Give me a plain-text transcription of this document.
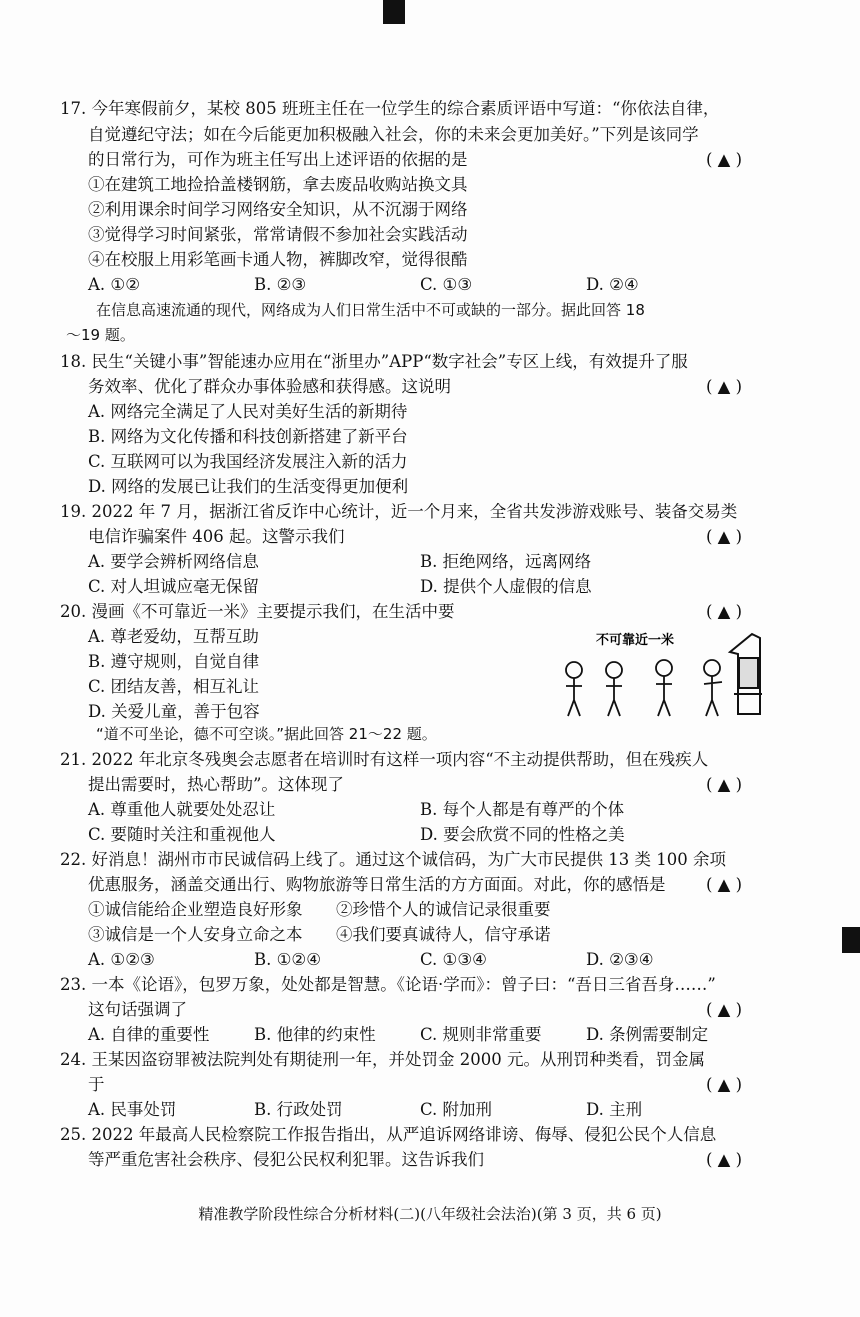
17. 今年寒假前夕，某校 805 班班主任在一位学生的综合素质评语中写道：“你依法自律，
自觉遵纪守法；如在今后能更加积极融入社会，你的未来会更加美好。”下列是该同学
的日常行为，可作为班主任写出上述评语的依据的是	( ▲ )
①在建筑工地捡拾盖楼钢筋，拿去废品收购站换文具
②利用课余时间学习网络安全知识，从不沉溺于网络
③觉得学习时间紧张，常常请假不参加社会实践活动
④在校服上用彩笔画卡通人物，裤脚改窄，觉得很酷
A. ①②	B. ②③	C. ①③	D. ②④
在信息高速流通的现代，网络成为人们日常生活中不可或缺的一部分。据此回答 18
～19 题。
18. 民生“关键小事”智能速办应用在“浙里办”APP“数字社会”专区上线，有效提升了服
务效率、优化了群众办事体验感和获得感。这说明	( ▲ )
A. 网络完全满足了人民对美好生活的新期待
B. 网络为文化传播和科技创新搭建了新平台
C. 互联网可以为我国经济发展注入新的活力
D. 网络的发展已让我们的生活变得更加便利
19. 2022 年 7 月，据浙江省反诈中心统计，近一个月来，全省共发涉游戏账号、装备交易类
电信诈骗案件 406 起。这警示我们	( ▲ )
A. 要学会辨析网络信息	B. 拒绝网络，远离网络
C. 对人坦诚应毫无保留	D. 提供个人虚假的信息
20. 漫画《不可靠近一米》主要提示我们，在生活中要	( ▲ )
A. 尊老爱幼，互帮互助
B. 遵守规则，自觉自律
C. 团结友善，相互礼让
D. 关爱儿童，善于包容
不可靠近一米
“道不可坐论，德不可空谈。”据此回答 21～22 题。
21. 2022 年北京冬残奥会志愿者在培训时有这样一项内容“不主动提供帮助，但在残疾人
提出需要时，热心帮助”。这体现了	( ▲ )
A. 尊重他人就要处处忍让	B. 每个人都是有尊严的个体
C. 要随时关注和重视他人	D. 要会欣赏不同的性格之美
22. 好消息！湖州市市民诚信码上线了。通过这个诚信码，为广大市民提供 13 类 100 余项
优惠服务，涵盖交通出行、购物旅游等日常生活的方方面面。对此，你的感悟是 ( ▲ )
①诚信能给企业塑造良好形象 ②珍惜个人的诚信记录很重要
③诚信是一个人安身立命之本 ④我们要真诚待人，信守承诺
A. ①②③	B. ①②④	C. ①③④	D. ②③④
23. 一本《论语》，包罗万象，处处都是智慧。《论语·学而》：曾子曰：“吾日三省吾身……”
这句话强调了	( ▲ )
A. 自律的重要性	B. 他律的约束性	C. 规则非常重要	D. 条例需要制定
24. 王某因盗窃罪被法院判处有期徒刑一年，并处罚金 2000 元。从刑罚种类看，罚金属
于	( ▲ )
A. 民事处罚	B. 行政处罚	C. 附加刑	D. 主刑
25. 2022 年最高人民检察院工作报告指出，从严追诉网络诽谤、侮辱、侵犯公民个人信息
等严重危害社会秩序、侵犯公民权利犯罪。这告诉我们	( ▲ )
精准教学阶段性综合分析材料(二)(八年级社会法治)(第 3 页，共 6 页)
